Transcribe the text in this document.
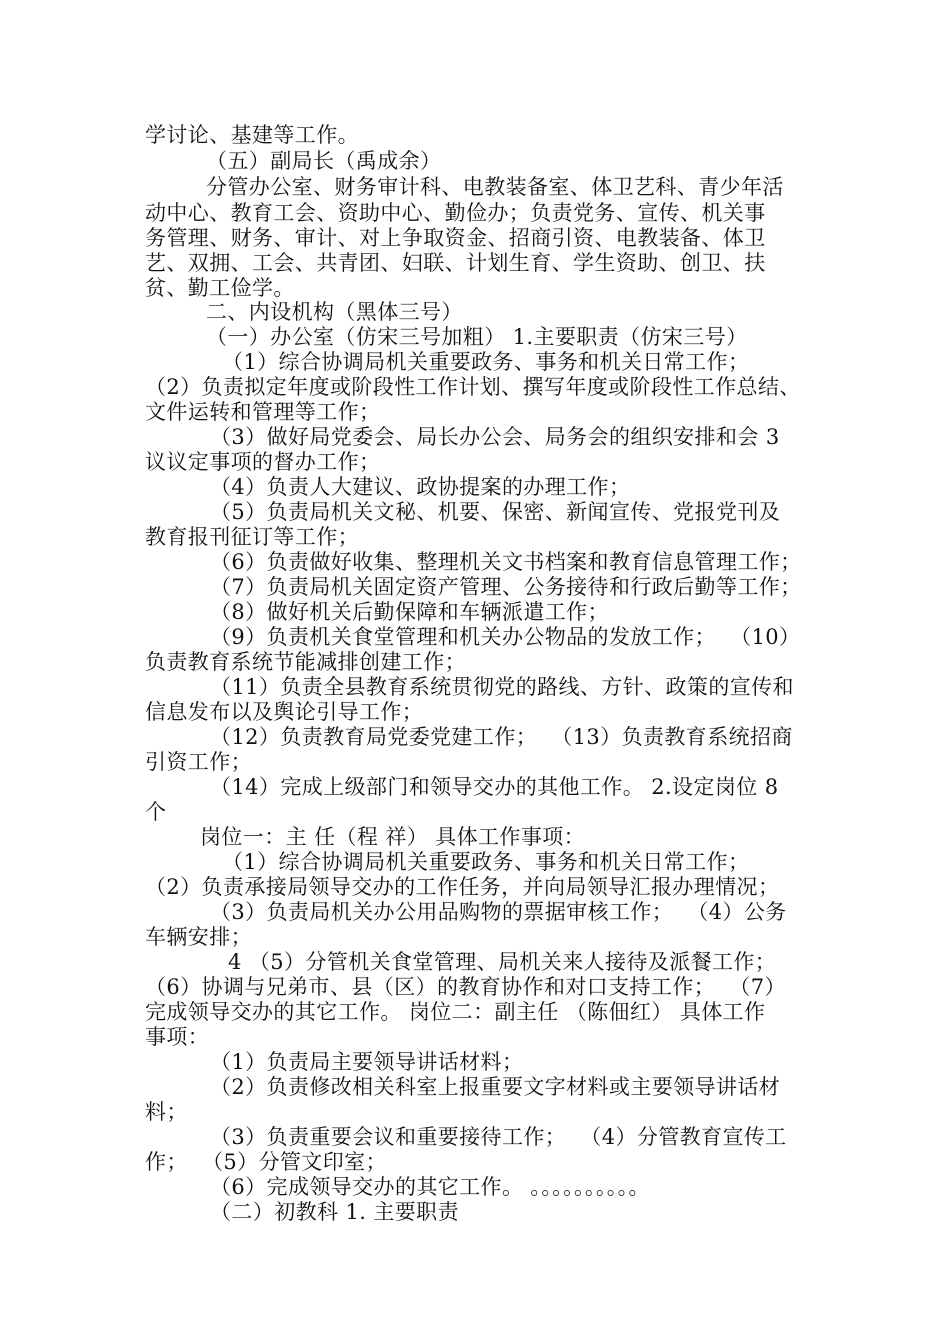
学讨论、基建等工作。
（五）副局长（禹成余）
分管办公室、财务审计科、电教装备室、体卫艺科、青少年活
动中心、教育工会、资助中心、勤俭办；负责党务、宣传、机关事
务管理、财务、审计、对上争取资金、招商引资、电教装备、体卫
艺、双拥、工会、共青团、妇联、计划生育、学生资助、创卫、扶
贫、勤工俭学。
二、内设机构（黑体三号）
（一）办公室（仿宋三号加粗） 1.主要职责（仿宋三号）
（1）综合协调局机关重要政务、事务和机关日常工作；
（2）负责拟定年度或阶段性工作计划、撰写年度或阶段性工作总结、
文件运转和管理等工作；
（3）做好局党委会、局长办公会、局务会的组织安排和会 3
议议定事项的督办工作；
（4）负责人大建议、政协提案的办理工作；
（5）负责局机关文秘、机要、保密、新闻宣传、党报党刊及
教育报刊征订等工作；
（6）负责做好收集、整理机关文书档案和教育信息管理工作；
（7）负责局机关固定资产管理、公务接待和行政后勤等工作；
（8）做好机关后勤保障和车辆派遣工作；
（9）负责机关食堂管理和机关办公物品的发放工作；  （10）
负责教育系统节能减排创建工作；
（11）负责全县教育系统贯彻党的路线、方针、政策的宣传和
信息发布以及舆论引导工作；
（12）负责教育局党委党建工作；  （13）负责教育系统招商
引资工作；
（14）完成上级部门和领导交办的其他工作。 2.设定岗位 8
个
岗位一：主 任（程 祥） 具体工作事项：
（1）综合协调局机关重要政务、事务和机关日常工作；
（2）负责承接局领导交办的工作任务，并向局领导汇报办理情况；
（3）负责局机关办公用品购物的票据审核工作；  （4）公务
车辆安排；
4 （5）分管机关食堂管理、局机关来人接待及派餐工作；
（6）协调与兄弟市、县（区）的教育协作和对口支持工作；  （7）
完成领导交办的其它工作。 岗位二：副主任 （陈佃红） 具体工作
事项：
（1）负责局主要领导讲话材料；
（2）负责修改相关科室上报重要文字材料或主要领导讲话材
料；
（3）负责重要会议和重要接待工作；  （4）分管教育宣传工
作；  （5）分管文印室；
（6）完成领导交办的其它工作。 。。。。。。。。。。
（二）初教科 1. 主要职责
